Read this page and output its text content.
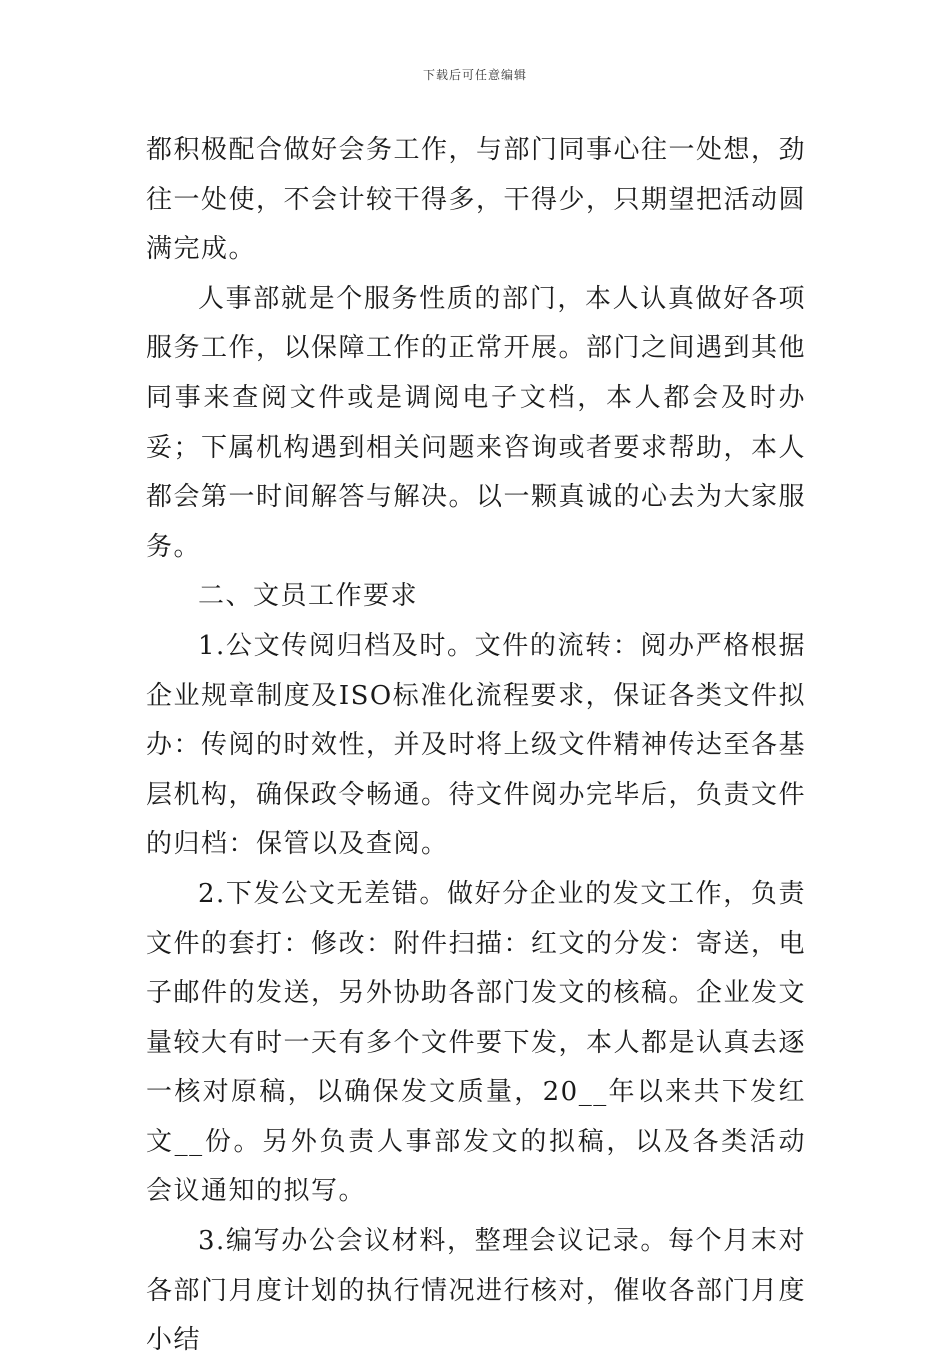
下载后可任意编辑

都积极配合做好会务工作，与部门同事心往一处想，劲往一处使，不会计较干得多，干得少，只期望把活动圆满完成。

人事部就是个服务性质的部门，本人认真做好各项服务工作，以保障工作的正常开展。部门之间遇到其他同事来查阅文件或是调阅电子文档，本人都会及时办妥；下属机构遇到相关问题来咨询或者要求帮助，本人都会第一时间解答与解决。以一颗真诚的心去为大家服务。

二、文员工作要求

1.公文传阅归档及时。文件的流转：阅办严格根据企业规章制度及ISO标准化流程要求，保证各类文件拟办：传阅的时效性，并及时将上级文件精神传达至各基层机构，确保政令畅通。待文件阅办完毕后，负责文件的归档：保管以及查阅。

2.下发公文无差错。做好分企业的发文工作，负责文件的套打：修改：附件扫描：红文的分发：寄送，电子邮件的发送，另外协助各部门发文的核稿。企业发文量较大有时一天有多个文件要下发，本人都是认真去逐一核对原稿，以确保发文质量，20__年以来共下发红文__份。另外负责人事部发文的拟稿，以及各类活动会议通知的拟写。

3.编写办公会议材料，整理会议记录。每个月末对各部门月度计划的执行情况进行核对，催收各部门月度小结
